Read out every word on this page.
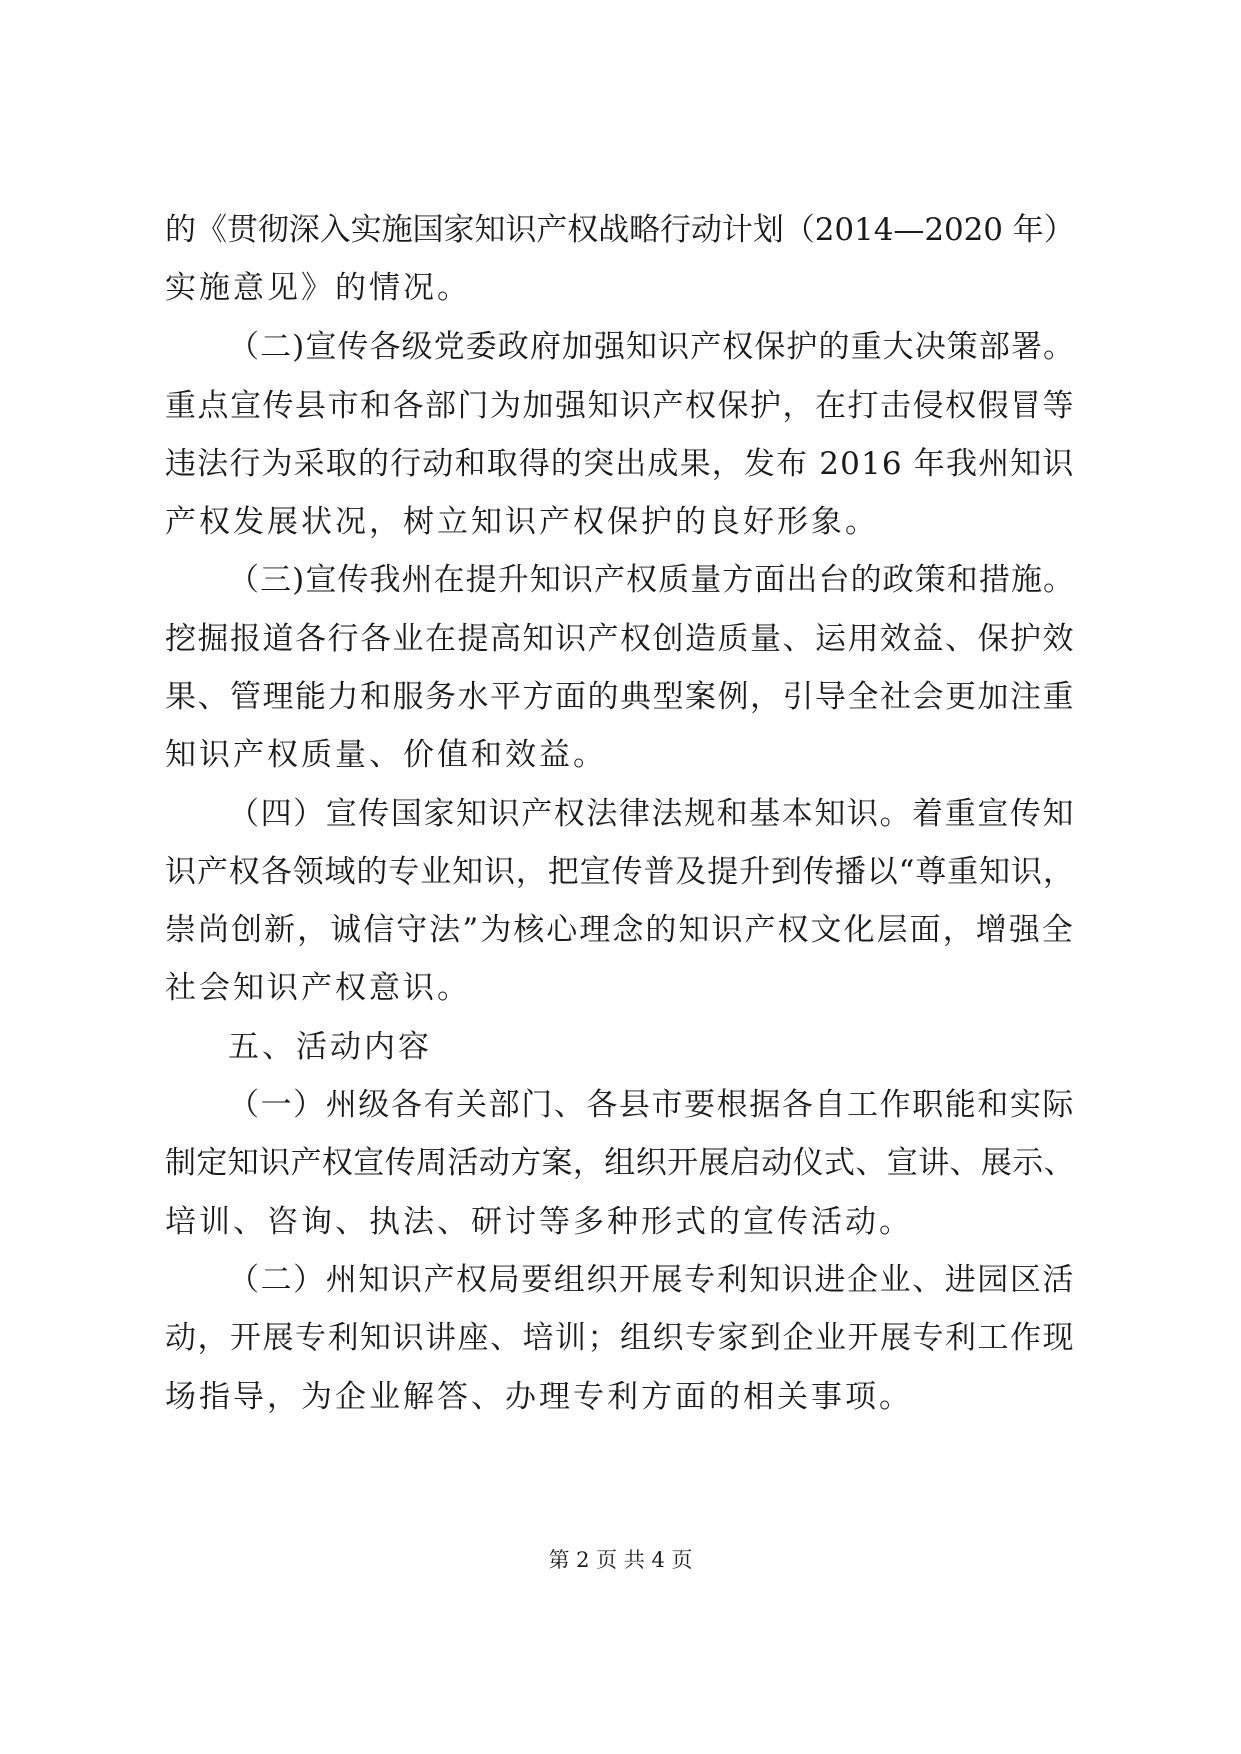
的《贯彻深入实施国家知识产权战略行动计划（2014—2020 年）
实施意见》的情况。
（二)宣传各级党委政府加强知识产权保护的重大决策部署。
重点宣传县市和各部门为加强知识产权保护，在打击侵权假冒等
违法行为采取的行动和取得的突出成果，发布 2016 年我州知识
产权发展状况，树立知识产权保护的良好形象。
（三)宣传我州在提升知识产权质量方面出台的政策和措施。
挖掘报道各行各业在提高知识产权创造质量、运用效益、保护效
果、管理能力和服务水平方面的典型案例，引导全社会更加注重
知识产权质量、价值和效益。
（四）宣传国家知识产权法律法规和基本知识。着重宣传知
识产权各领域的专业知识，把宣传普及提升到传播以“尊重知识，
崇尚创新，诚信守法”为核心理念的知识产权文化层面，增强全
社会知识产权意识。
五、活动内容
（一）州级各有关部门、各县市要根据各自工作职能和实际
制定知识产权宣传周活动方案，组织开展启动仪式、宣讲、展示、
培训、咨询、执法、研讨等多种形式的宣传活动。
（二）州知识产权局要组织开展专利知识进企业、进园区活
动，开展专利知识讲座、培训；组织专家到企业开展专利工作现
场指导，为企业解答、办理专利方面的相关事项。
第 2 页 共 4 页
